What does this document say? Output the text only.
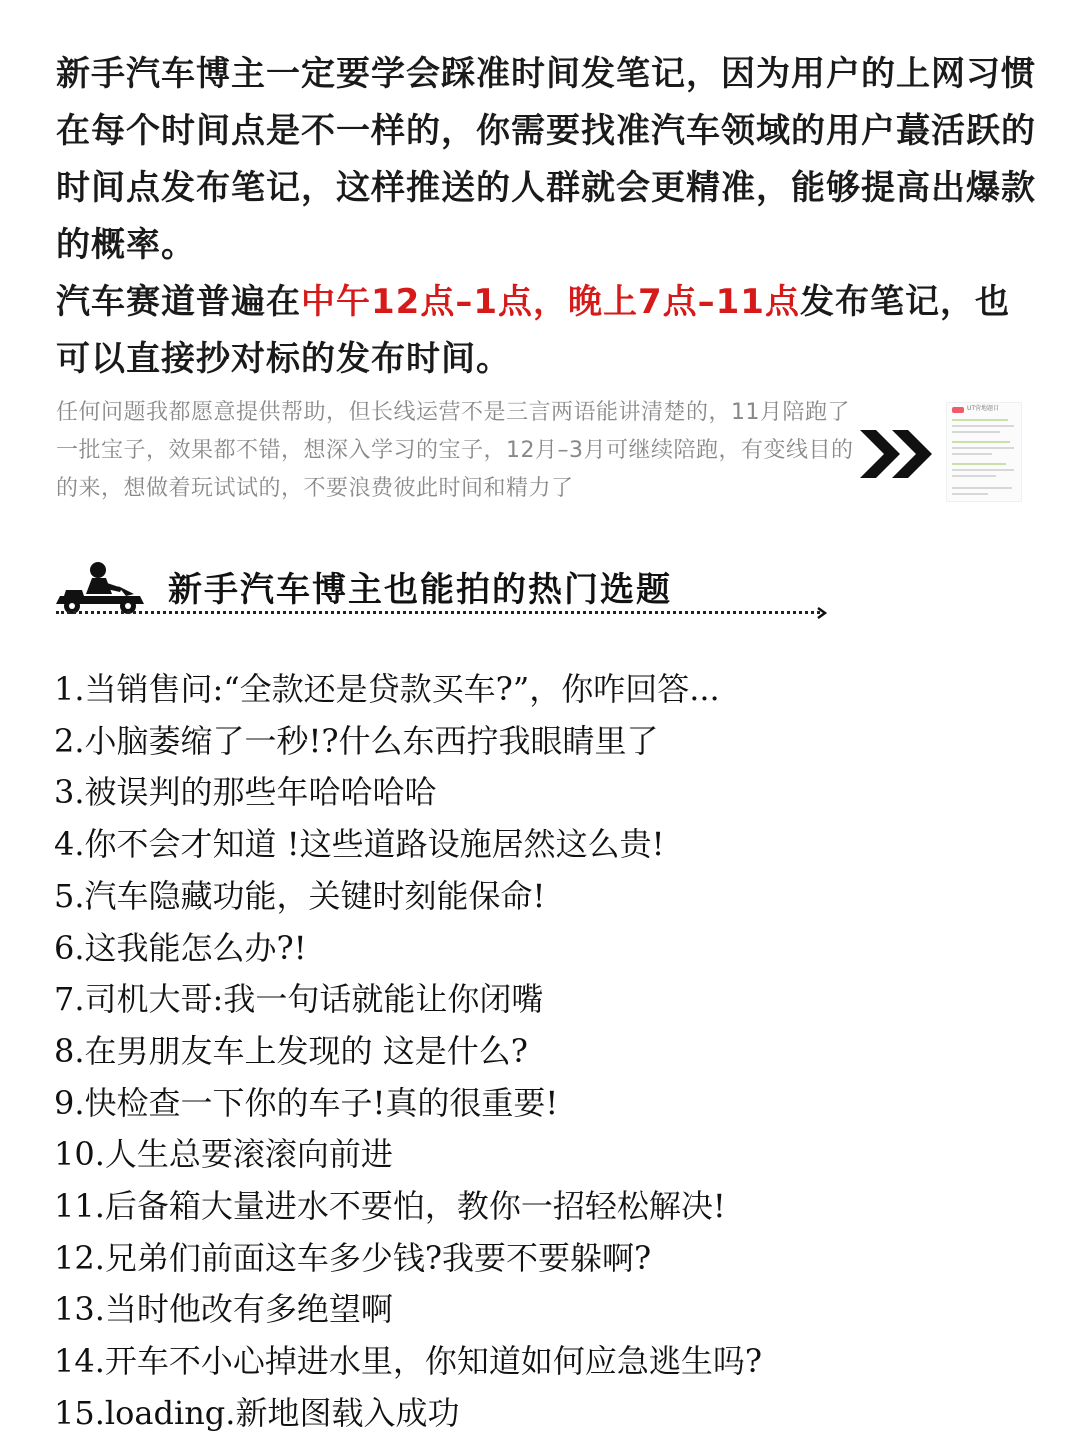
新手汽车博主一定要学会踩准时间发笔记，因为用户的上网习惯在每个时间点是不一样的，你需要找准汽车领域的用户蕞活跃的时间点发布笔记，这样推送的人群就会更精准，能够提高出爆款的概率。

汽车赛道普遍在中午12点–1点，晚上7点–11点发布笔记，也可以直接抄对标的发布时间。

任何问题我都愿意提供帮助，但长线运营不是三言两语能讲清楚的，11月陪跑了一批宝子，效果都不错，想深入学习的宝子，12月–3月可继续陪跑，有变线目的的来，想做着玩试试的，不要浪费彼此时间和精力了
UT营地题目
新手汽车博主也能拍的热门选题
1.当销售问:“全款还是贷款买车?”，你咋回答...
2.小脑萎缩了一秒!?什么东西拧我眼睛里了
3.被误判的那些年哈哈哈哈
4.你不会才知道 !这些道路设施居然这么贵!
5.汽车隐藏功能，关键时刻能保命!
6.这我能怎么办?!
7.司机大哥:我一句话就能让你闭嘴
8.在男朋友车上发现的 这是什么?
9.快检查一下你的车子!真的很重要!
10.人生总要滚滚向前进
11.后备箱大量进水不要怕，教你一招轻松解决!
12.兄弟们前面这车多少钱?我要不要躲啊?
13.当时他改有多绝望啊
14.开车不小心掉进水里，你知道如何应急逃生吗?
15.loading.新地图载入成功
